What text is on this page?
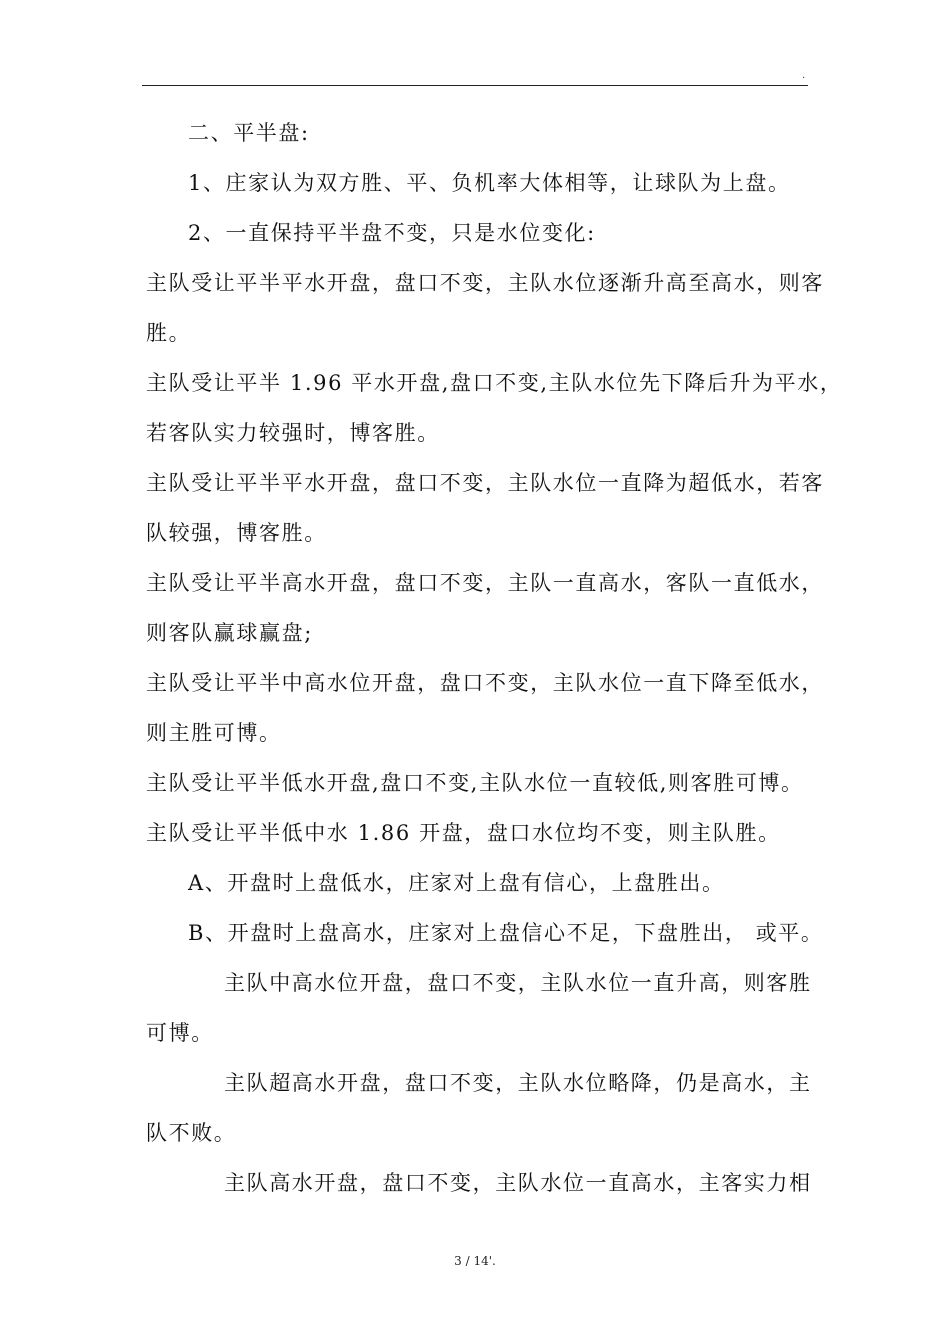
.
二、平半盘:
1、庄家认为双方胜、平、负机率大体相等，让球队为上盘。
2、一直保持平半盘不变，只是水位变化:
主队受让平半平水开盘，盘口不变，主队水位逐渐升高至高水，则客
胜。
主队受让平半 1.96 平水开盘,盘口不变,主队水位先下降后升为平水，
若客队实力较强时，博客胜。
主队受让平半平水开盘，盘口不变，主队水位一直降为超低水，若客
队较强，博客胜。
主队受让平半高水开盘，盘口不变，主队一直高水，客队一直低水，
则客队赢球赢盘;
主队受让平半中高水位开盘，盘口不变，主队水位一直下降至低水，
则主胜可博。
主队受让平半低水开盘,盘口不变,主队水位一直较低,则客胜可博。
主队受让平半低中水 1.86 开盘，盘口水位均不变，则主队胜。
A、开盘时上盘低水，庄家对上盘有信心，上盘胜出。
B、开盘时上盘高水，庄家对上盘信心不足，下盘胜出， 或平。
主队中高水位开盘，盘口不变，主队水位一直升高，则客胜
可博。
主队超高水开盘，盘口不变，主队水位略降，仍是高水，主
队不败。
主队高水开盘，盘口不变，主队水位一直高水，主客实力相
3 / 14'.
